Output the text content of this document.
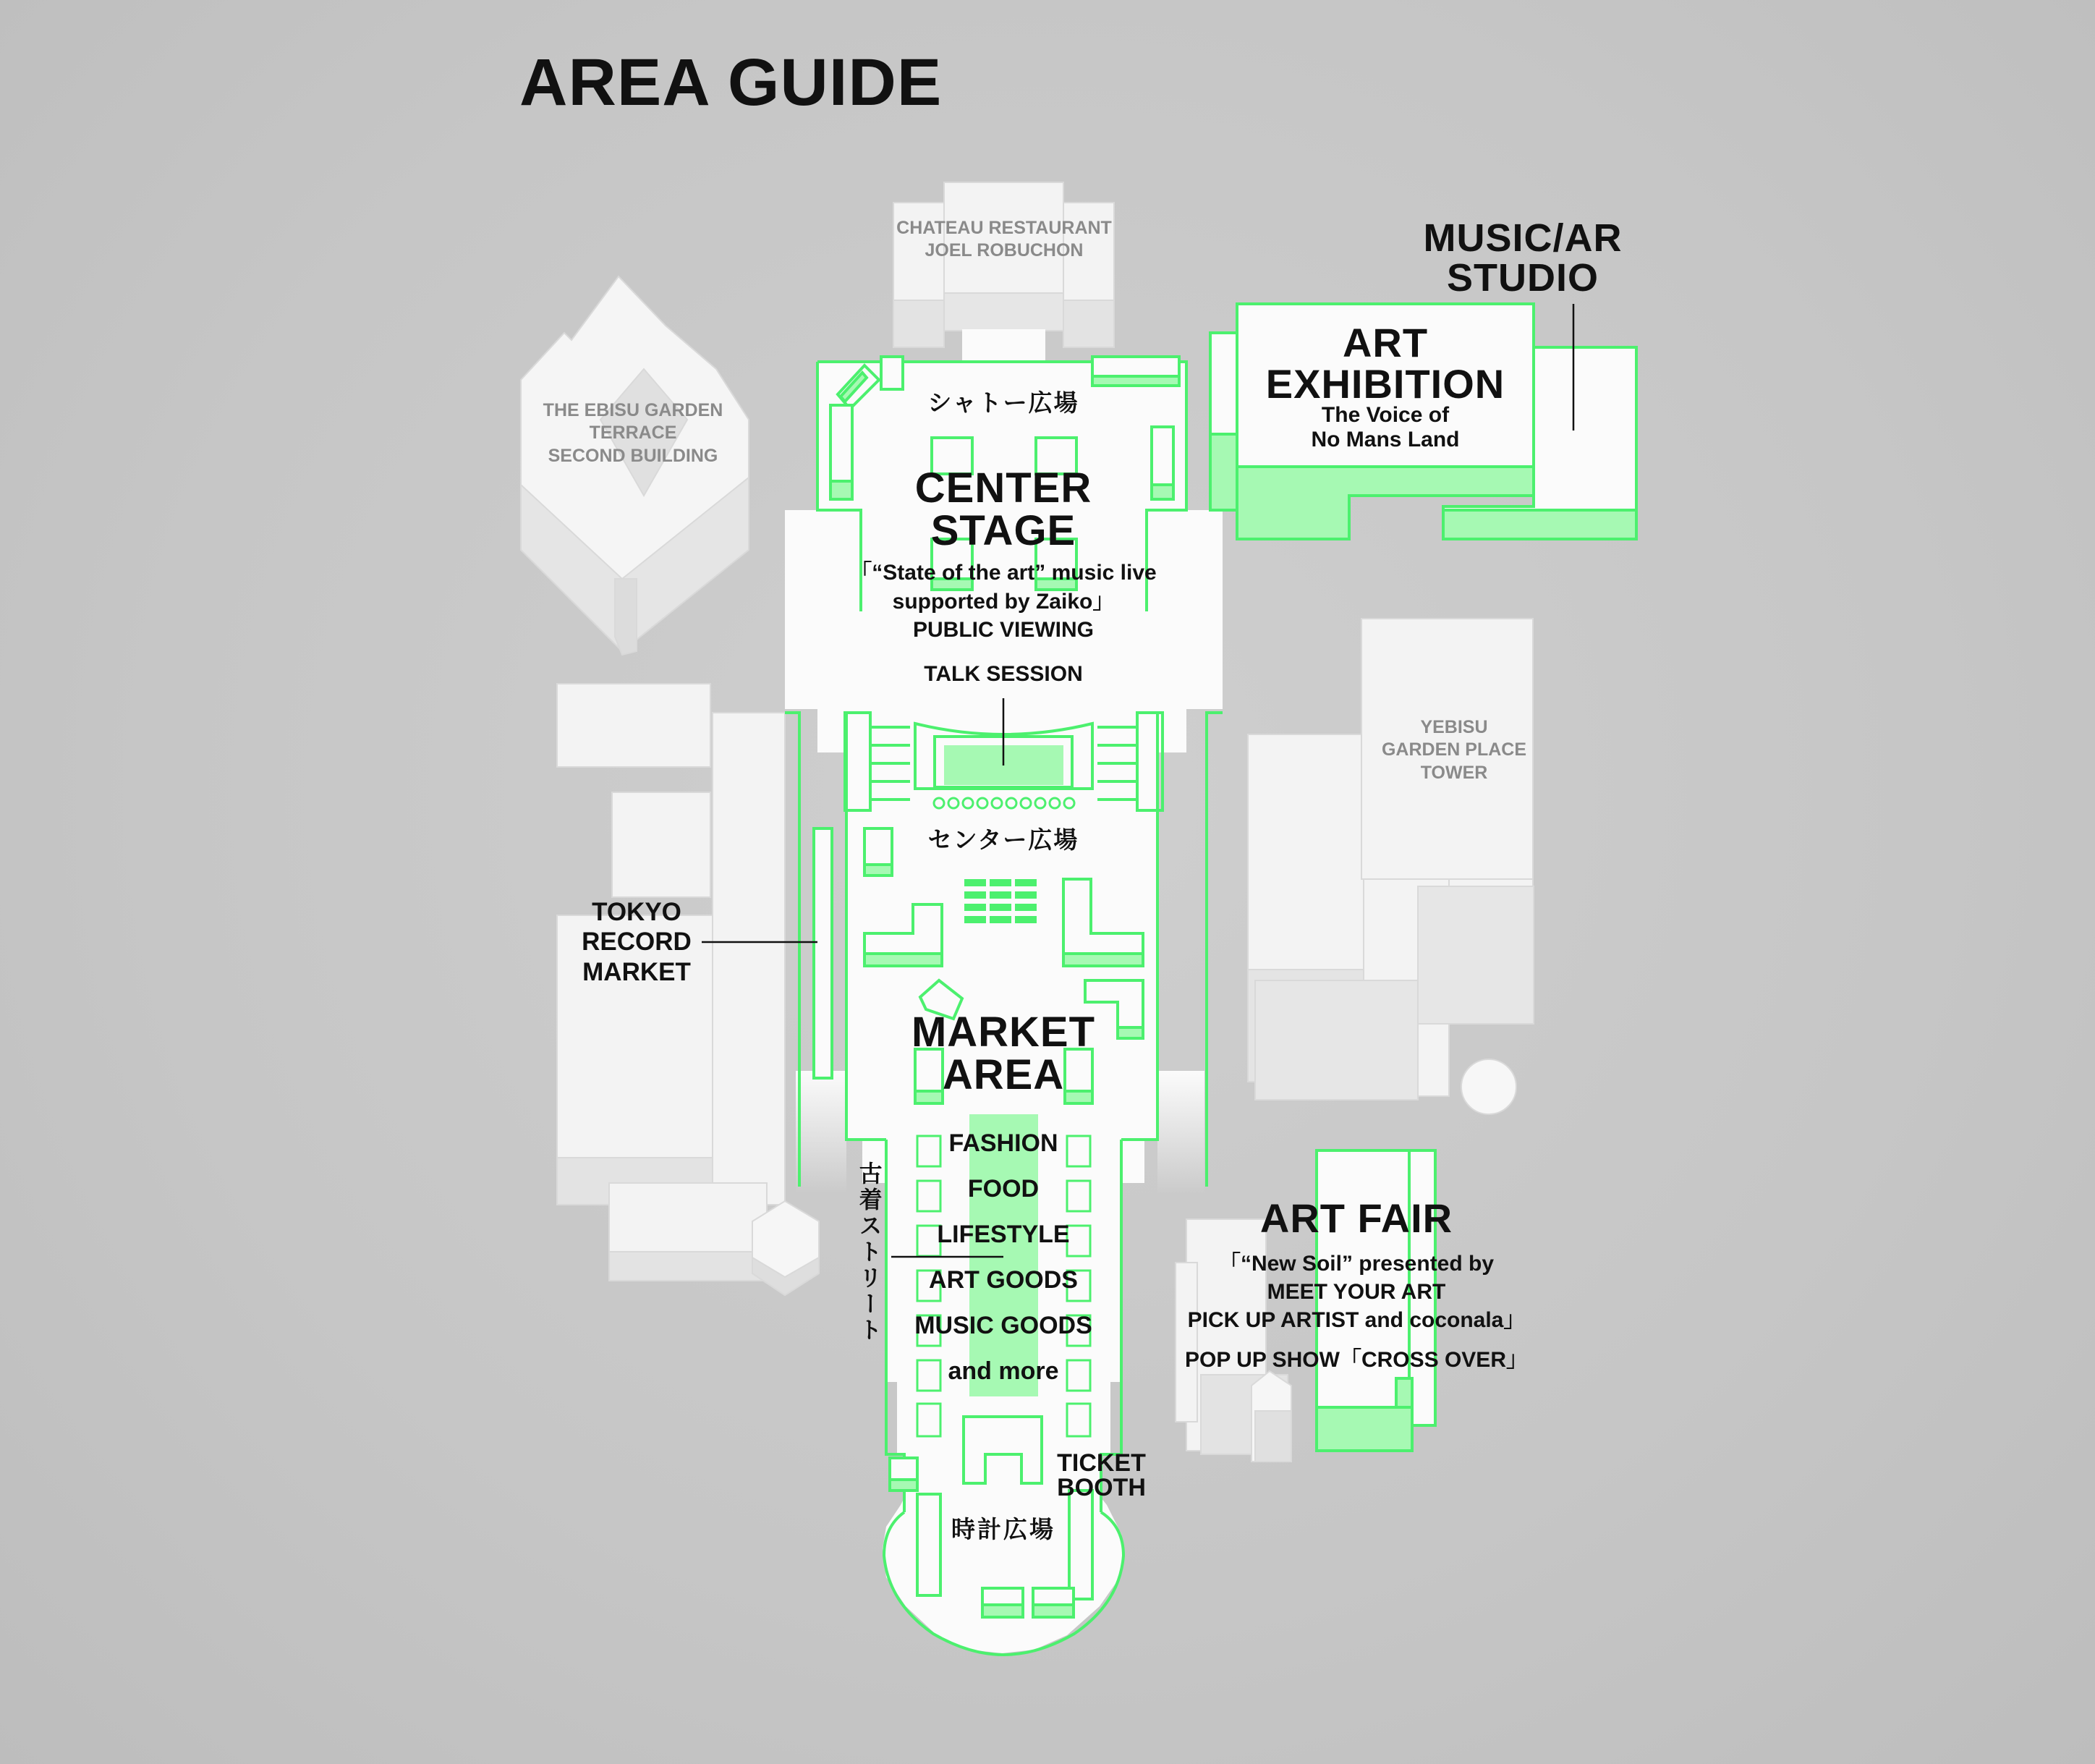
AREA GUIDE
CHATEAU RESTAURANT
JOEL ROBUCHON
THE EBISU GARDEN
TERRACE
SECOND BUILDING
YEBISU
GARDEN PLACE
TOWER
シャトー広場
センター広場
時計広場
古着ストリート
CENTER
STAGE
「“State of the art” music live
supported by Zaiko」
PUBLIC VIEWING
TALK SESSION
MUSIC/AR
STUDIO
ART
EXHIBITION
The Voice of
No Mans Land
TOKYO
RECORD
MARKET
MARKET
AREA
FASHION
FOOD
LIFESTYLE
ART GOODS
MUSIC GOODS
and more
TICKET
BOOTH
ART FAIR
「“New Soil” presented by
MEET YOUR ART
PICK UP ARTIST and coconala」
POP UP SHOW「CROSS OVER」
